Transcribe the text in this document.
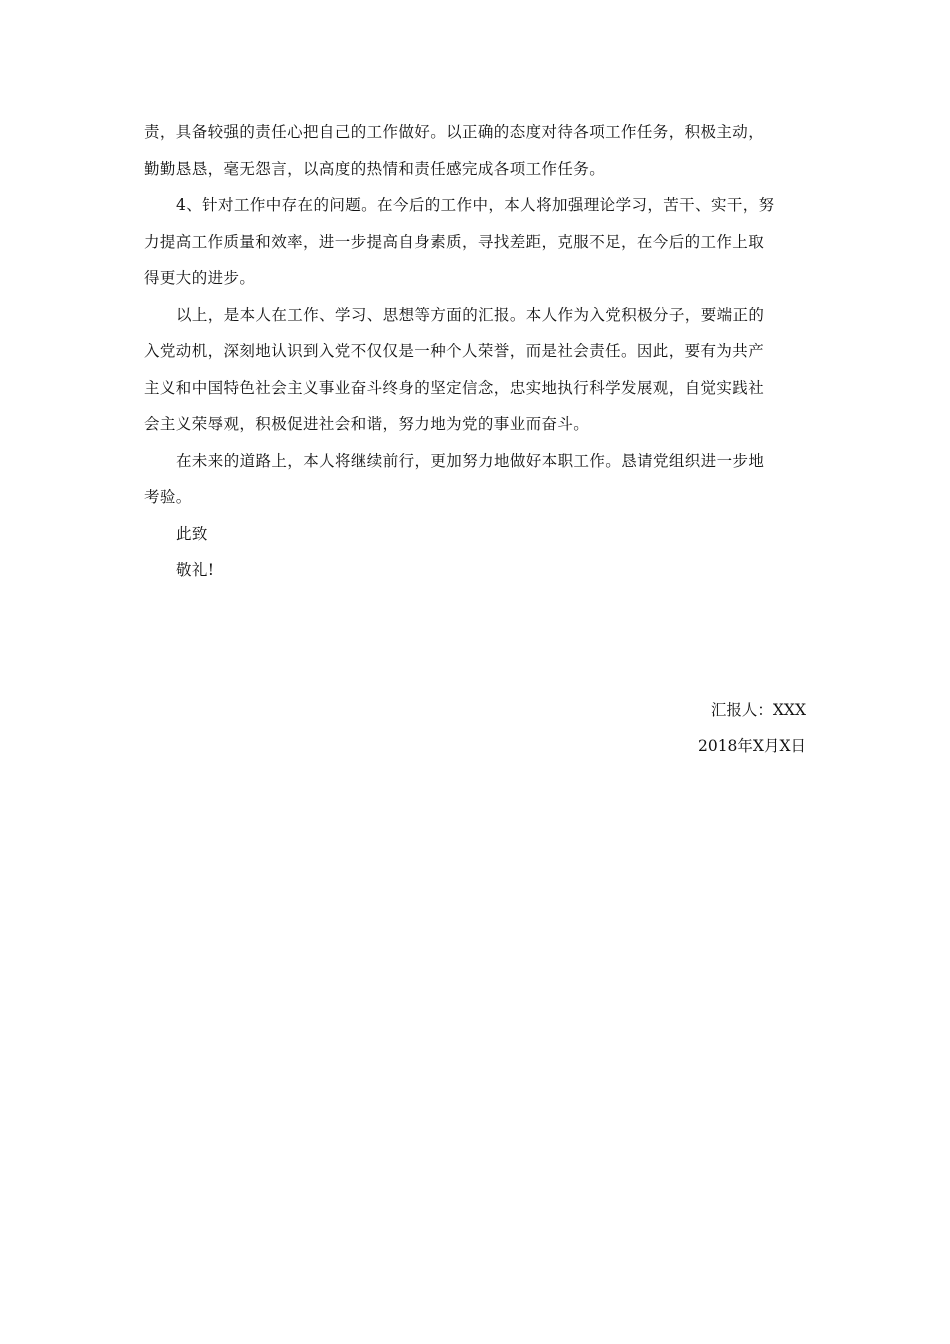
责，具备较强的责任心把自己的工作做好。以正确的态度对待各项工作任务，积极主动，
勤勤恳恳，毫无怨言，以高度的热情和责任感完成各项工作任务。
4、针对工作中存在的问题。在今后的工作中，本人将加强理论学习，苦干、实干，努
力提高工作质量和效率，进一步提高自身素质，寻找差距，克服不足，在今后的工作上取
得更大的进步。
以上，是本人在工作、学习、思想等方面的汇报。本人作为入党积极分子，要端正的
入党动机，深刻地认识到入党不仅仅是一种个人荣誉，而是社会责任。因此，要有为共产
主义和中国特色社会主义事业奋斗终身的坚定信念，忠实地执行科学发展观，自觉实践社
会主义荣辱观，积极促进社会和谐，努力地为党的事业而奋斗。
在未来的道路上，本人将继续前行，更加努力地做好本职工作。恳请党组织进一步地
考验。
此致
敬礼!
汇报人：XXX
2018年X月X日
